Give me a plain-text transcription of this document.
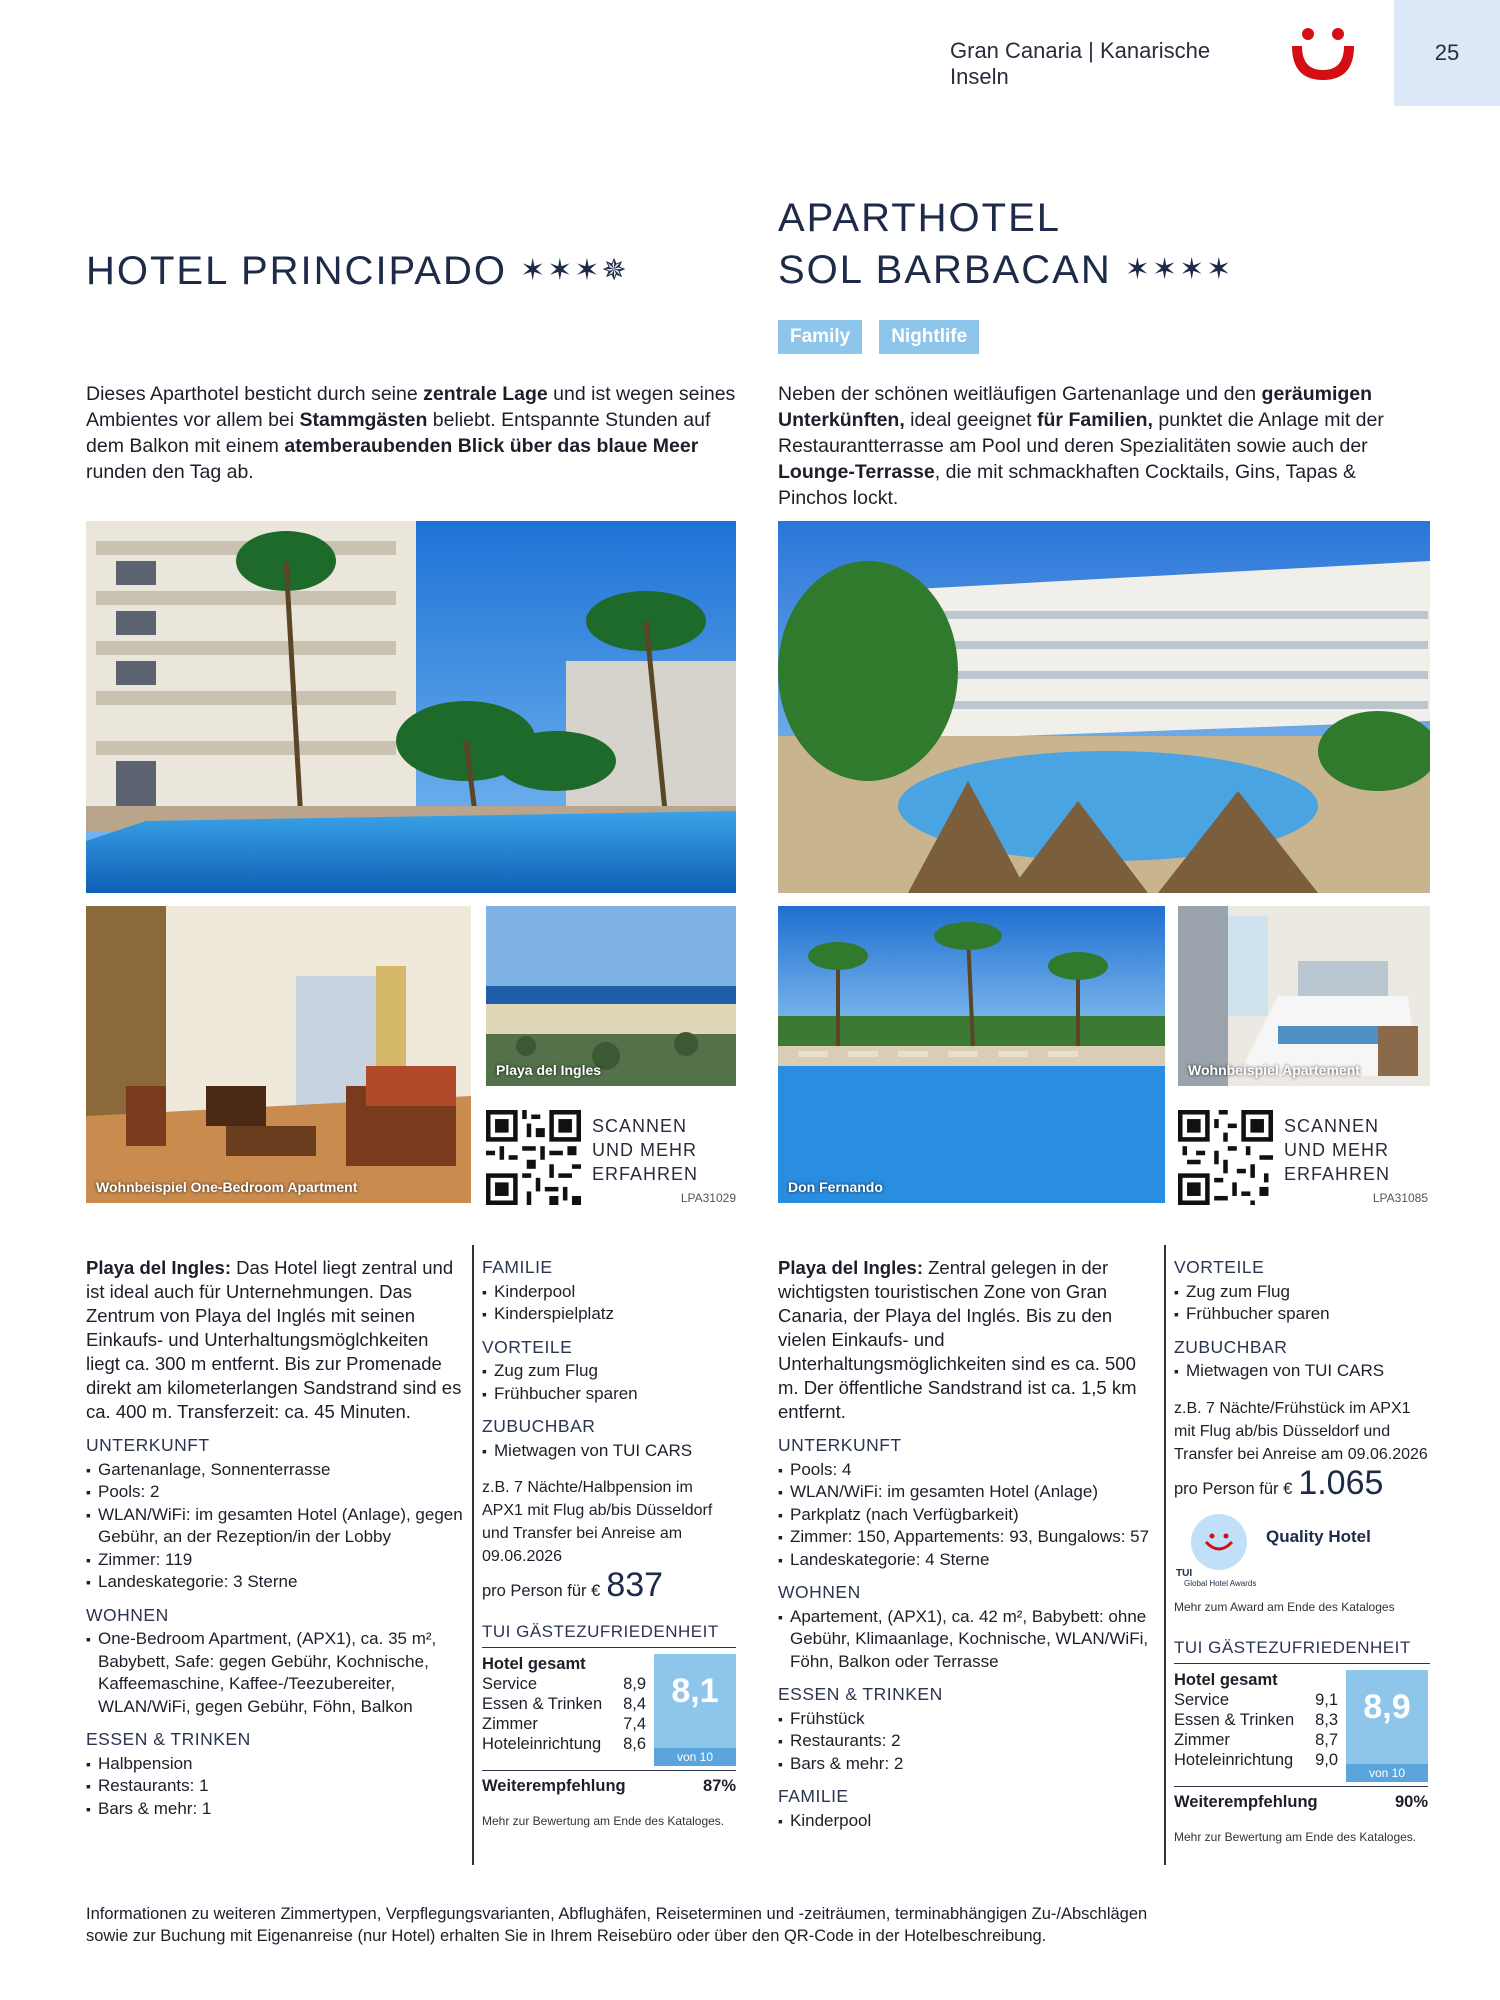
Gran Canaria | Kanarische Inseln
25
HOTEL PRINCIPADO ✶✶✶✵
APARTHOTEL
SOL BARBACAN ✶✶✶✶
Family	Nightlife
Dieses Aparthotel besticht durch seine zentrale Lage und ist wegen seines Ambientes vor allem bei Stammgästen beliebt. Entspannte Stunden auf dem Balkon mit einem atemberaubenden Blick über das blaue Meer runden den Tag ab.
Neben der schönen weitläufigen Gartenanlage und den geräumigen Unterkünften, ideal geeignet für Familien, punktet die Anlage mit der Restaurantterrasse am Pool und deren Spezialitäten sowie auch der Lounge-Terrasse, die mit schmackhaften Cocktails, Gins, Tapas & Pinchos lockt.
Wohnbeispiel One-Bedroom Apartment
Playa del Ingles
SCANNEN
UND MEHR
ERFAHREN
LPA31029
Don Fernando
Wohnbeispiel Apartement
SCANNEN
UND MEHR
ERFAHREN
LPA31085
Playa del Ingles: Das Hotel liegt zentral und ist ideal auch für Unternehmungen. Das Zentrum von Playa del Inglés mit seinen Einkaufs- und Unterhaltungsmöglchkeiten liegt ca. 300 m entfernt. Bis zur Promenade direkt am kilometerlangen Sandstrand sind es ca. 400 m. Transferzeit: ca. 45 Minuten.
UNTERKUNFT
▪ Gartenanlage, Sonnenterrasse
▪ Pools: 2
▪ WLAN/WiFi: im gesamten Hotel (Anlage), gegen Gebühr, an der Rezeption/in der Lobby
▪ Zimmer: 119
▪ Landeskategorie: 3 Sterne
WOHNEN
▪ One-Bedroom Apartment, (APX1), ca. 35 m², Babybett, Safe: gegen Gebühr, Kochnische, Kaffeemaschine, Kaffee-/Teezubereiter, WLAN/WiFi, gegen Gebühr, Föhn, Balkon
ESSEN & TRINKEN
▪ Halbpension
▪ Restaurants: 1
▪ Bars & mehr: 1
FAMILIE
▪ Kinderpool
▪ Kinderspielplatz
VORTEILE
▪ Zug zum Flug
▪ Frühbucher sparen
ZUBUCHBAR
▪ Mietwagen von TUI CARS
z.B. 7 Nächte/Halbpension im APX1 mit Flug ab/bis Düsseldorf und Transfer bei Anreise am 09.06.2026
pro Person für € 837
TUI GÄSTEZUFRIEDENHEIT
Hotel gesamt
Service	8,9
Essen & Trinken 8,4
Zimmer	7,4
Hoteleinrichtung 8,6
8,1
von 10
Weiterempfehlung	87%
Mehr zur Bewertung am Ende des Kataloges.
Playa del Ingles: Zentral gelegen in der wichtigsten touristischen Zone von Gran Canaria, der Playa del Inglés. Bis zu den vielen Einkaufs- und Unterhaltungsmöglichkeiten sind es ca. 500 m. Der öffentliche Sandstrand ist ca. 1,5 km entfernt.
UNTERKUNFT
▪ Pools: 4
▪ WLAN/WiFi: im gesamten Hotel (Anlage)
▪ Parkplatz (nach Verfügbarkeit)
▪ Zimmer: 150, Appartements: 93, Bungalows: 57
▪ Landeskategorie: 4 Sterne
WOHNEN
▪ Apartement, (APX1), ca. 42 m², Babybett: ohne Gebühr, Klimaanlage, Kochnische, WLAN/WiFi, Föhn, Balkon oder Terrasse
ESSEN & TRINKEN
▪ Frühstück
▪ Restaurants: 2
▪ Bars & mehr: 2
FAMILIE
▪ Kinderpool
VORTEILE
▪ Zug zum Flug
▪ Frühbucher sparen
ZUBUCHBAR
▪ Mietwagen von TUI CARS
z.B. 7 Nächte/Frühstück im APX1 mit Flug ab/bis Düsseldorf und Transfer bei Anreise am 09.06.2026
pro Person für € 1.065
TUI
Global Hotel Awards
Quality Hotel
Mehr zum Award am Ende des Kataloges
TUI GÄSTEZUFRIEDENHEIT
Hotel gesamt
Service	9,1
Essen & Trinken 8,3
Zimmer	8,7
Hoteleinrichtung 9,0
8,9
von 10
Weiterempfehlung	90%
Mehr zur Bewertung am Ende des Kataloges.
Informationen zu weiteren Zimmertypen, Verpflegungsvarianten, Abflughäfen, Reiseterminen und -zeiträumen, terminabhängigen Zu-/Abschlägen sowie zur Buchung mit Eigenanreise (nur Hotel) erhalten Sie in Ihrem Reisebüro oder über den QR-Code in der Hotelbeschreibung.
